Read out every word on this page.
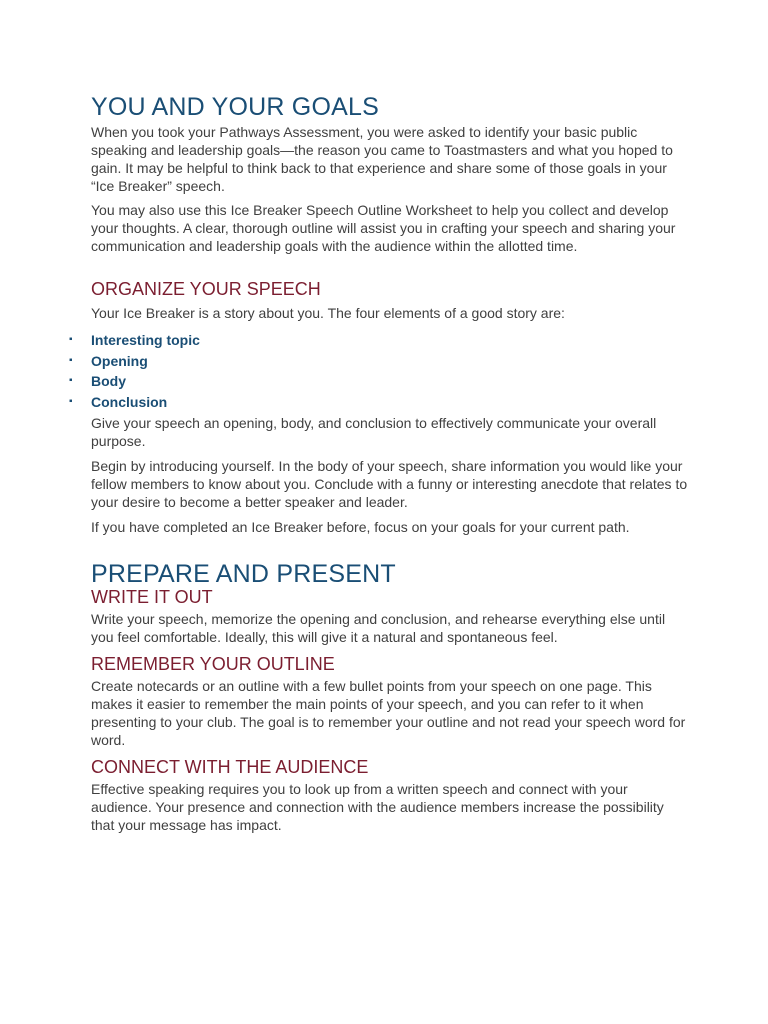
YOU AND YOUR GOALS

When you took your Pathways Assessment, you were asked to identify your basic public speaking and leadership goals—the reason you came to Toastmasters and what you hoped to gain. It may be helpful to think back to that experience and share some of those goals in your “Ice Breaker” speech.

You may also use this Ice Breaker Speech Outline Worksheet to help you collect and develop your thoughts. A clear, thorough outline will assist you in crafting your speech and sharing your communication and leadership goals with the audience within the allotted time.

ORGANIZE YOUR SPEECH

Your Ice Breaker is a story about you. The four elements of a good story are:

▪ Interesting topic
▪ Opening
▪ Body
▪ Conclusion

Give your speech an opening, body, and conclusion to effectively communicate your overall purpose.

Begin by introducing yourself. In the body of your speech, share information you would like your fellow members to know about you. Conclude with a funny or interesting anecdote that relates to your desire to become a better speaker and leader.

If you have completed an Ice Breaker before, focus on your goals for your current path.

PREPARE AND PRESENT
WRITE IT OUT

Write your speech, memorize the opening and conclusion, and rehearse everything else until you feel comfortable. Ideally, this will give it a natural and spontaneous feel.

REMEMBER YOUR OUTLINE

Create notecards or an outline with a few bullet points from your speech on one page. This makes it easier to remember the main points of your speech, and you can refer to it when presenting to your club. The goal is to remember your outline and not read your speech word for word.

CONNECT WITH THE AUDIENCE

Effective speaking requires you to look up from a written speech and connect with your audience. Your presence and connection with the audience members increase the possibility that your message has impact.
